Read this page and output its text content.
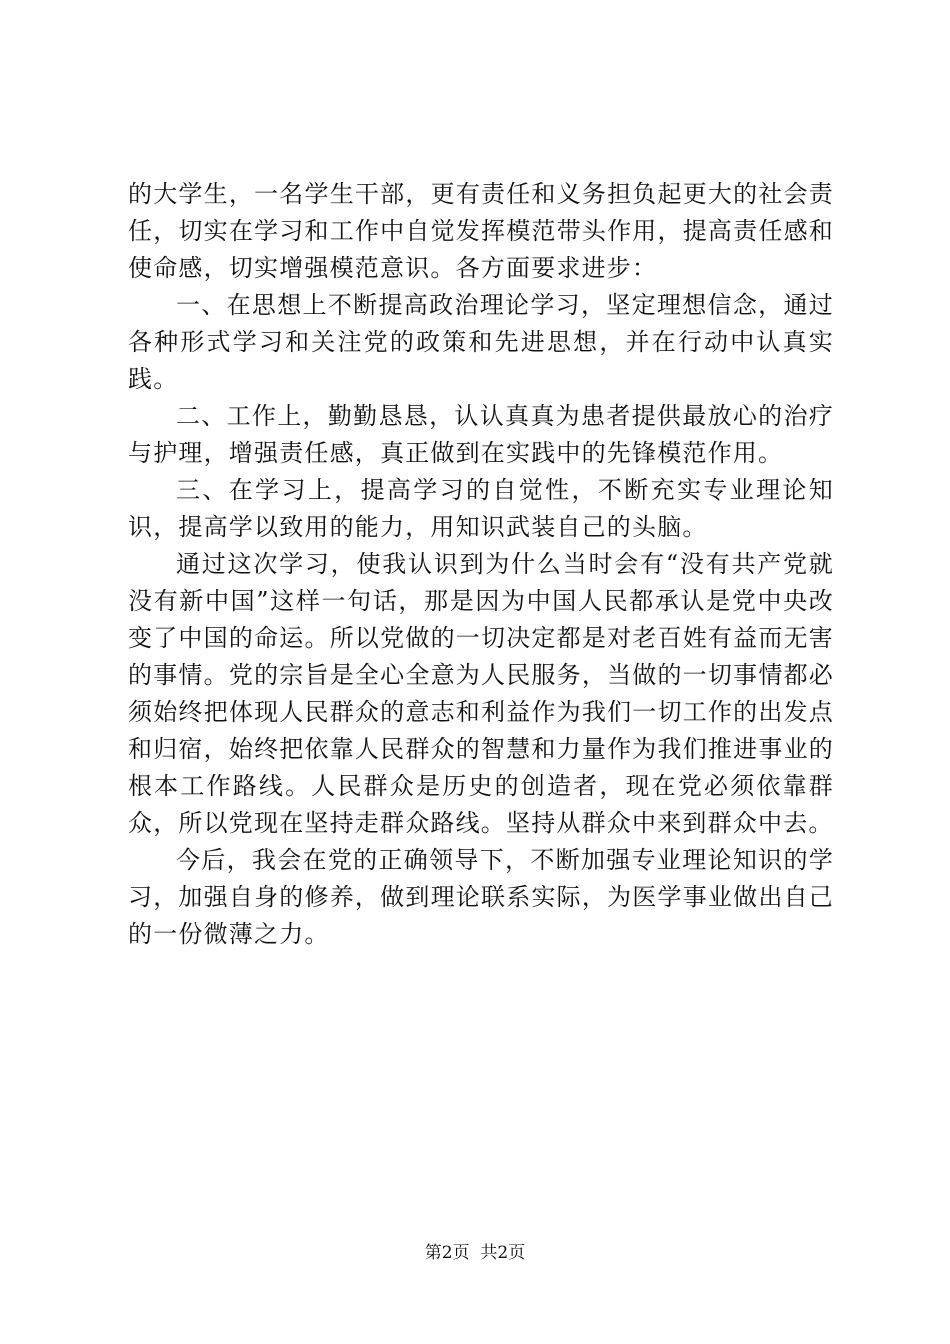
的大学生，一名学生干部，更有责任和义务担负起更大的社会责任，切实在学习和工作中自觉发挥模范带头作用，提高责任感和使命感，切实增强模范意识。各方面要求进步：

一、在思想上不断提高政治理论学习，坚定理想信念，通过各种形式学习和关注党的政策和先进思想，并在行动中认真实践。

二、工作上，勤勤恳恳，认认真真为患者提供最放心的治疗与护理，增强责任感，真正做到在实践中的先锋模范作用。

三、在学习上，提高学习的自觉性，不断充实专业理论知识，提高学以致用的能力，用知识武装自己的头脑。

通过这次学习，使我认识到为什么当时会有“没有共产党就没有新中国”这样一句话，那是因为中国人民都承认是党中央改变了中国的命运。所以党做的一切决定都是对老百姓有益而无害的事情。党的宗旨是全心全意为人民服务，当做的一切事情都必须始终把体现人民群众的意志和利益作为我们一切工作的出发点和归宿，始终把依靠人民群众的智慧和力量作为我们推进事业的根本工作路线。人民群众是历史的创造者，现在党必须依靠群众，所以党现在坚持走群众路线。坚持从群众中来到群众中去。

今后，我会在党的正确领导下，不断加强专业理论知识的学习，加强自身的修养，做到理论联系实际，为医学事业做出自己的一份微薄之力。

第2页  共2页
